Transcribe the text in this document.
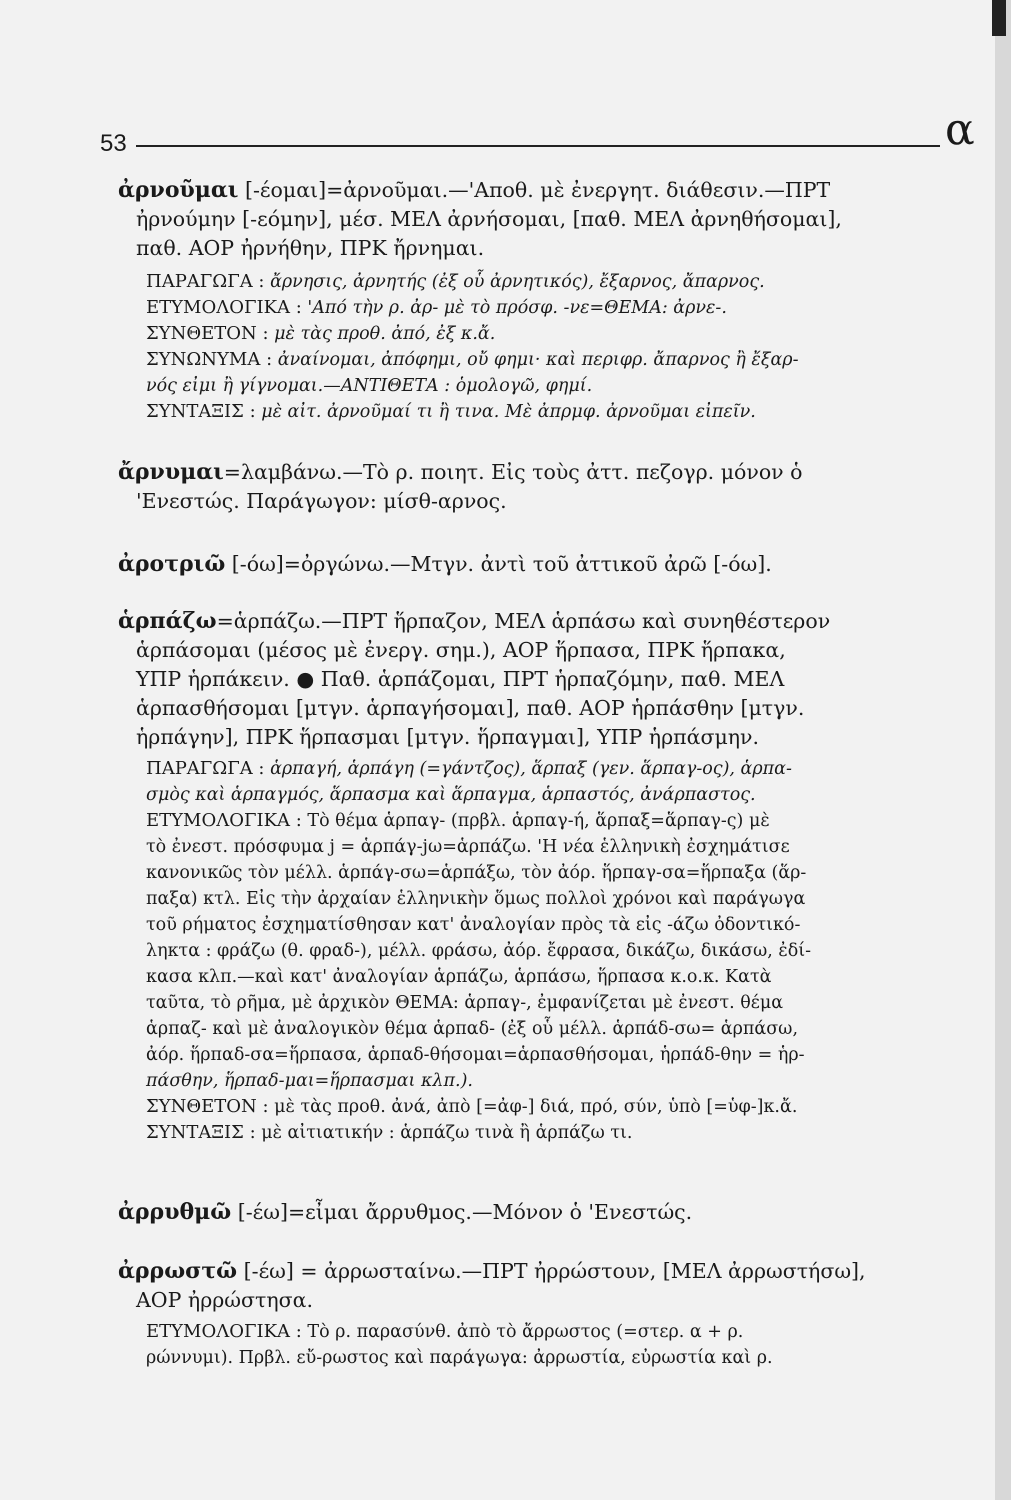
53	α

ἀρνοῦμαι [-έομαι]=ἀρνοῦμαι.—'Αποθ. μὲ ἐνεργητ. διάθεσιν.—ΠΡΤ

ἠρνούμην [-εόμην], μέσ. ΜΕΛ ἀρνήσομαι, [παθ. ΜΕΛ ἀρνηθήσομαι],

παθ. ΑΟΡ ἠρνήθην, ΠΡΚ ἤρνημαι.

ΠΑΡΑΓΩΓΑ : ἄρνησις, ἀρνητής (ἐξ οὗ ἀρνητικός), ἔξαρνος, ἄπαρνος.

ΕΤΥΜΟΛΟΓΙΚΑ : 'Από τὴν ρ. ἀρ- μὲ τὸ πρόσφ. -νε=ΘΕΜΑ: ἀρνε-.

ΣΥΝΘΕΤΟΝ : μὲ τὰς προθ. ἀπό, ἐξ κ.ἄ.

ΣΥΝΩΝΥΜΑ : ἀναίνομαι, ἀπόφημι, οὔ φημι· καὶ περιφρ. ἄπαρνος ἢ ἔξαρ-

νός εἰμι ἢ γίγνομαι.—ΑΝΤΙΘΕΤΑ : ὁμολογῶ, φημί.

ΣΥΝΤΑΞΙΣ : μὲ αἰτ. ἀρνοῦμαί τι ἢ τινα. Μὲ ἀπρμφ. ἀρνοῦμαι εἰπεῖν.

ἄρνυμαι=λαμβάνω.—Τὸ ρ. ποιητ. Εἰς τοὺς ἀττ. πεζογρ. μόνον ὁ

'Ενεστώς. Παράγωγον: μίσθ-αρνος.

ἀροτριῶ [-όω]=ὀργώνω.—Μτγν. ἀντὶ τοῦ ἀττικοῦ ἀρῶ [-όω].

ἁρπάζω=ἁρπάζω.—ΠΡΤ ἥρπαζον, ΜΕΛ ἁρπάσω καὶ συνηθέστερον

ἁρπάσομαι (μέσος μὲ ἐνεργ. σημ.), ΑΟΡ ἥρπασα, ΠΡΚ ἥρπακα,

ΥΠΡ ἡρπάκειν. ● Παθ. ἁρπάζομαι, ΠΡΤ ἡρπαζόμην, παθ. ΜΕΛ

ἁρπασθήσομαι [μτγν. ἁρπαγήσομαι], παθ. ΑΟΡ ἡρπάσθην [μτγν.

ἡρπάγην], ΠΡΚ ἥρπασμαι [μτγν. ἥρπαγμαι], ΥΠΡ ἡρπάσμην.

ΠΑΡΑΓΩΓΑ : ἁρπαγή, ἁρπάγη (=γάντζος), ἅρπαξ (γεν. ἅρπαγ-ος), ἁρπα-

σμὸς καὶ ἁρπαγμός, ἅρπασμα καὶ ἅρπαγμα, ἁρπαστός, ἀνάρπαστος.

ΕΤΥΜΟΛΟΓΙΚΑ : Τὸ θέμα ἁρπαγ- (πρβλ. ἁρπαγ-ή, ἅρπαξ=ἅρπαγ-ς) μὲ

τὸ ἐνεστ. πρόσφυμα j = ἁρπάγ-jω=ἁρπάζω. 'Η νέα ἑλληνικὴ ἐσχημάτισε

κανονικῶς τὸν μέλλ. ἁρπάγ-σω=ἁρπάξω, τὸν ἀόρ. ἥρπαγ-σα=ἥρπαξα (ἅρ-

παξα) κτλ. Εἰς τὴν ἀρχαίαν ἑλληνικὴν ὅμως πολλοὶ χρόνοι καὶ παράγωγα

τοῦ ρήματος ἐσχηματίσθησαν κατ' ἀναλογίαν πρὸς τὰ εἰς -άζω ὀδοντικό-

ληκτα : φράζω (θ. φραδ-), μέλλ. φράσω, ἀόρ. ἔφρασα, δικάζω, δικάσω, ἐδί-

κασα κλπ.—καὶ κατ' ἀναλογίαν ἁρπάζω, ἁρπάσω, ἥρπασα κ.ο.κ. Κατὰ

ταῦτα, τὸ ρῆμα, μὲ ἀρχικὸν ΘΕΜΑ: ἁρπαγ-, ἐμφανίζεται μὲ ἐνεστ. θέμα

ἁρπαζ- καὶ μὲ ἀναλογικὸν θέμα ἁρπαδ- (ἐξ οὗ μέλλ. ἁρπάδ-σω= ἁρπάσω,

ἀόρ. ἥρπαδ-σα=ἥρπασα, ἁρπαδ-θήσομαι=ἁρπασθήσομαι, ἡρπάδ-θην = ἡρ-

πάσθην, ἥρπαδ-μαι=ἥρπασμαι κλπ.).

ΣΥΝΘΕΤΟΝ : μὲ τὰς προθ. ἀνά, ἀπὸ [=ἀφ-] διά, πρό, σύν, ὑπὸ [=ὑφ-]κ.ἄ.

ΣΥΝΤΑΞΙΣ : μὲ αἰτιατικήν : ἁρπάζω τινὰ ἢ ἁρπάζω τι.

ἀρρυθμῶ [-έω]=εἶμαι ἄρρυθμος.—Μόνον ὁ 'Ενεστώς.

ἀρρωστῶ [-έω] = ἀρρωσταίνω.—ΠΡΤ ἠρρώστουν, [ΜΕΛ ἀρρωστήσω],

ΑΟΡ ἠρρώστησα.

ΕΤΥΜΟΛΟΓΙΚΑ : Τὸ ρ. παρασύνθ. ἀπὸ τὸ ἄρρωστος (=στερ. α + ρ.

ρώννυμι). Πρβλ. εὔ-ρωστος καὶ παράγωγα: ἀρρωστία, εὐρωστία καὶ ρ.
